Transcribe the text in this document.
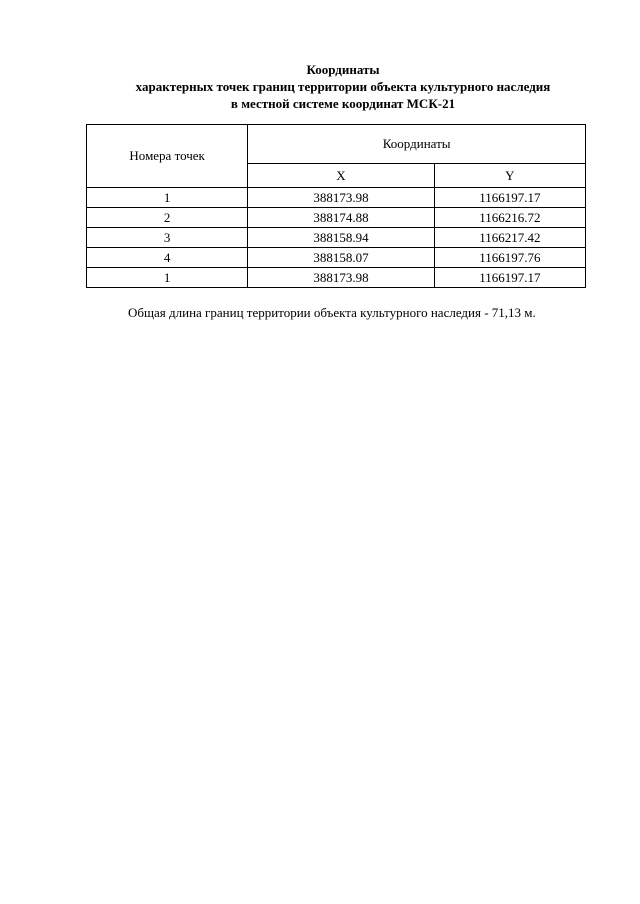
Координаты
характерных точек границ территории объекта культурного наследия
в местной системе координат МСК-21
Номера точек	Координаты	
	X	Y
1	388173.98	1166197.17
2	388174.88	1166216.72
3	388158.94	1166217.42
4	388158.07	1166197.76
1	388173.98	1166197.17
Общая длина границ территории объекта культурного наследия - 71,13 м.
